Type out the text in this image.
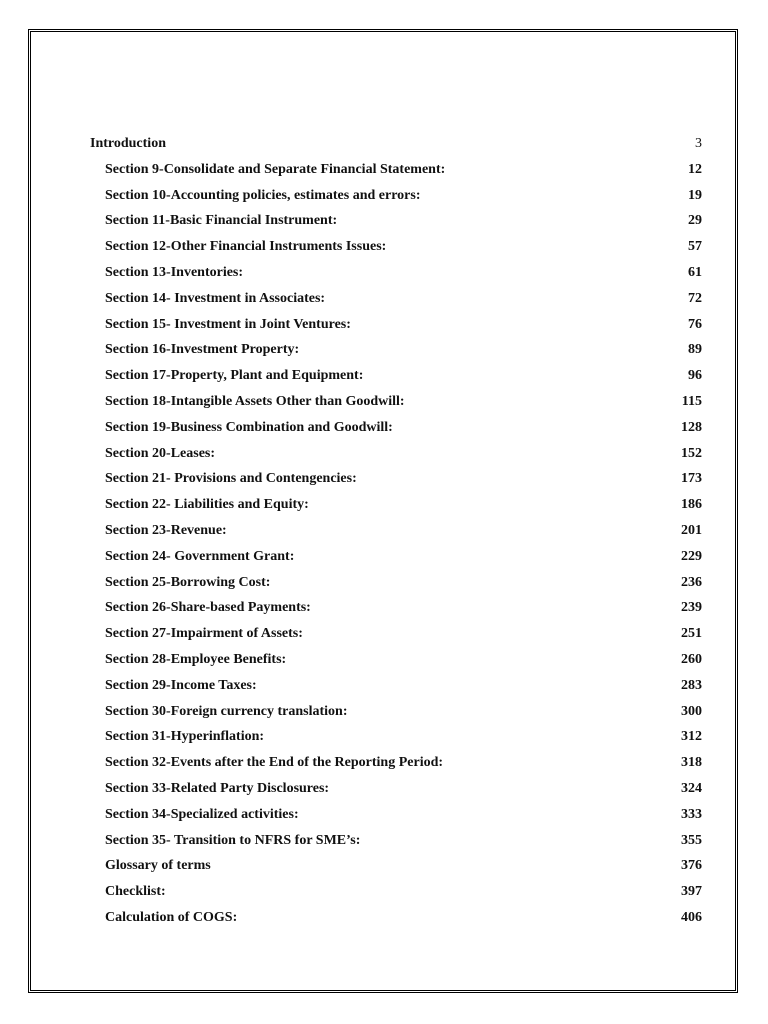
Introduction	3
Section 9-Consolidate and Separate Financial Statement:	12
Section 10-Accounting policies, estimates and errors:	19
Section 11-Basic Financial Instrument:	29
Section 12-Other Financial Instruments Issues:	57
Section 13-Inventories:	61
Section 14- Investment in Associates:	72
Section 15- Investment in Joint Ventures:	76
Section 16-Investment Property:	89
Section 17-Property, Plant and Equipment:	96
Section 18-Intangible Assets Other than Goodwill:	115
Section 19-Business Combination and Goodwill:	128
Section 20-Leases:	152
Section 21- Provisions and Contengencies:	173
Section 22- Liabilities and Equity:	186
Section 23-Revenue:	201
Section 24- Government Grant:	229
Section 25-Borrowing Cost:	236
Section 26-Share-based Payments:	239
Section 27-Impairment of Assets:	251
Section 28-Employee Benefits:	260
Section 29-Income Taxes:	283
Section 30-Foreign currency translation:	300
Section 31-Hyperinflation:	312
Section 32-Events after the End of the Reporting Period:	318
Section 33-Related Party Disclosures:	324
Section 34-Specialized activities:	333
Section 35- Transition to NFRS for SME’s:	355
Glossary of terms	376
Checklist:	397
Calculation of COGS:	406
